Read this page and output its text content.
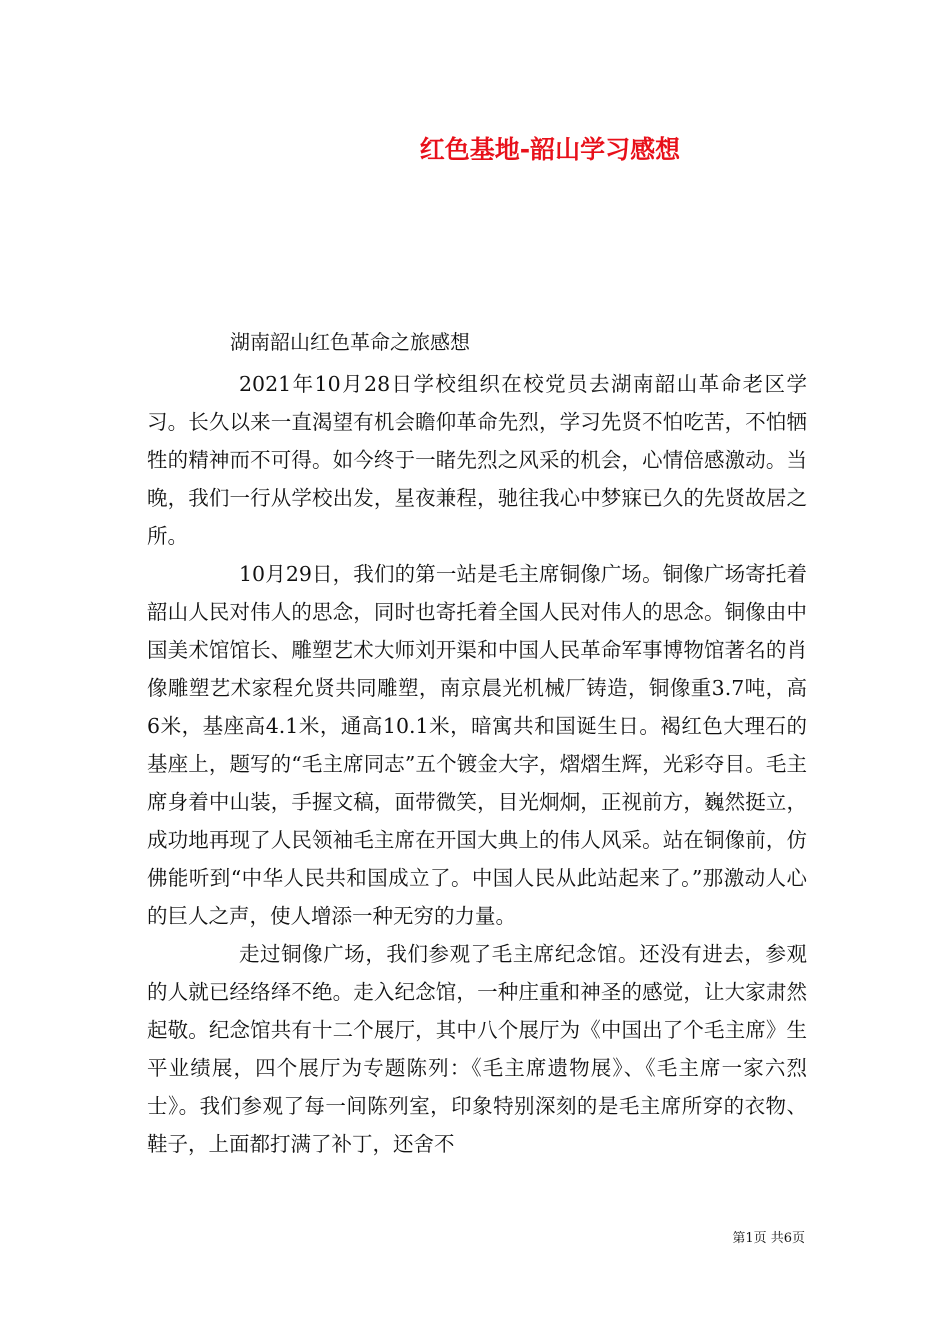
红色基地-韶山学习感想
湖南韶山红色革命之旅感想

2021年10月28日学校组织在校党员去湖南韶山革命老区学习。长久以来一直渴望有机会瞻仰革命先烈，学习先贤不怕吃苦，不怕牺牲的精神而不可得。如今终于一睹先烈之风采的机会，心情倍感激动。当晚，我们一行从学校出发，星夜兼程，驰往我心中梦寐已久的先贤故居之所。

10月29日，我们的第一站是毛主席铜像广场。铜像广场寄托着韶山人民对伟人的思念，同时也寄托着全国人民对伟人的思念。铜像由中国美术馆馆长、雕塑艺术大师刘开渠和中国人民革命军事博物馆著名的肖像雕塑艺术家程允贤共同雕塑，南京晨光机械厂铸造，铜像重3.7吨，高6米，基座高4.1米，通高10.1米，暗寓共和国诞生日。褐红色大理石的基座上，题写的“毛主席同志”五个镀金大字，熠熠生辉，光彩夺目。毛主席身着中山装，手握文稿，面带微笑，目光炯炯，正视前方，巍然挺立，成功地再现了人民领袖毛主席在开国大典上的伟人风采。站在铜像前，仿佛能听到“中华人民共和国成立了。中国人民从此站起来了。”那激动人心的巨人之声，使人增添一种无穷的力量。

走过铜像广场，我们参观了毛主席纪念馆。还没有进去，参观的人就已经络绎不绝。走入纪念馆，一种庄重和神圣的感觉，让大家肃然起敬。纪念馆共有十二个展厅，其中八个展厅为《中国出了个毛主席》生平业绩展，四个展厅为专题陈列：《毛主席遗物展》、《毛主席一家六烈士》。我们参观了每一间陈列室，印象特别深刻的是毛主席所穿的衣物、鞋子，上面都打满了补丁，还舍不

第1页 共6页
